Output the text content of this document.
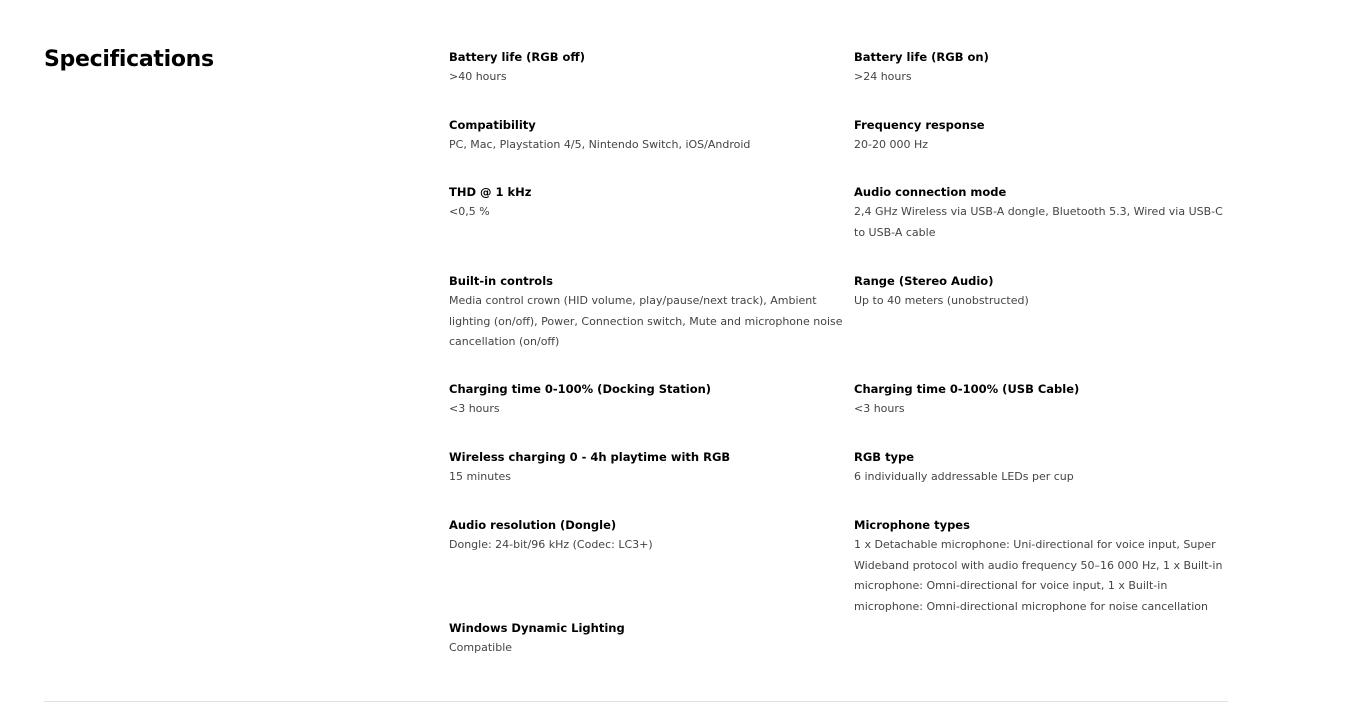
Specifications	Battery life (RGB off)
>40 hours
Battery life (RGB on)
>24 hours
Compatibility
PC, Mac, Playstation 4/5, Nintendo Switch, iOS/Android
Frequency response
20-20 000 Hz
THD @ 1 kHz
<0,5 %
Audio connection mode
2,4 GHz Wireless via USB-A dongle, Bluetooth 5.3, Wired via USB-C to USB-A cable
Built-in controls
Media control crown (HID volume, play/pause/next track), Ambient lighting (on/off), Power, Connection switch, Mute and microphone noise cancellation (on/off)
Range (Stereo Audio)
Up to 40 meters (unobstructed)
Charging time 0-100% (Docking Station)
<3 hours
Charging time 0-100% (USB Cable)
<3 hours
Wireless charging 0 - 4h playtime with RGB
15 minutes
RGB type
6 individually addressable LEDs per cup
Audio resolution (Dongle)
Dongle: 24-bit/96 kHz (Codec: LC3+)
Microphone types
1 x Detachable microphone: Uni-directional for voice input, Super Wideband protocol with audio frequency 50–16 000 Hz, 1 x Built-in microphone: Omni-directional for voice input, 1 x Built-in microphone: Omni-directional microphone for noise cancellation
Windows Dynamic Lighting
Compatible
